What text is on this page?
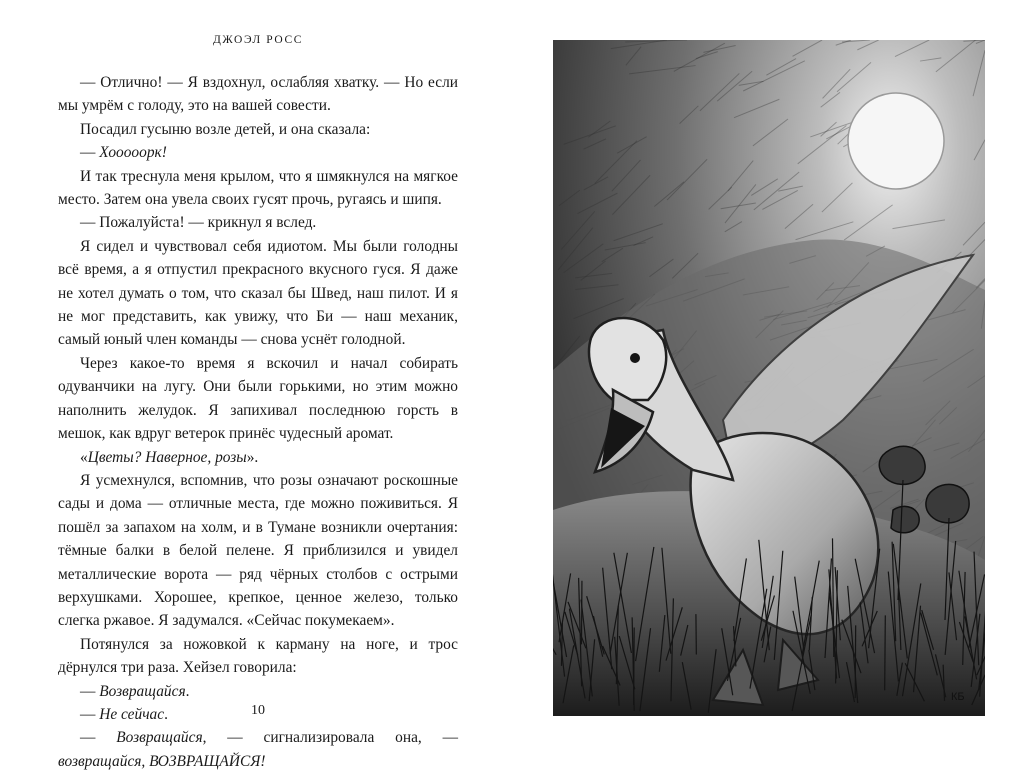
ДЖОЭЛ РОСС

— Отлично! — Я вздохнул, ослабляя хватку. — Но если мы умрём с голоду, это на вашей совести.

Посадил гусыню возле детей, и она сказала:

— Хооооорк!

И так треснула меня крылом, что я шмякнулся на мягкое место. Затем она увела своих гусят прочь, ругаясь и шипя.

— Пожалуйста! — крикнул я вслед.

Я сидел и чувствовал себя идиотом. Мы были голодны всё время, а я отпустил прекрасного вкусного гуся. Я даже не хотел думать о том, что сказал бы Швед, наш пилот. И я не мог представить, как увижу, что Би — наш механик, самый юный член команды — снова уснёт голодной.

Через какое-то время я вскочил и начал собирать одуванчики на лугу. Они были горькими, но этим можно наполнить желудок. Я запихивал последнюю горсть в мешок, как вдруг ветерок принёс чудесный аромат.

«Цветы? Наверное, розы».

Я усмехнулся, вспомнив, что розы означают роскошные сады и дома — отличные места, где можно поживиться. Я пошёл за запахом на холм, и в Тумане возникли очертания: тёмные балки в белой пелене. Я приблизился и увидел металлические ворота — ряд чёрных столбов с острыми верхушками. Хорошее, крепкое, ценное железо, только слегка ржавое. Я задумался. «Сейчас покумекаем».

Потянулся за ножовкой к карману на ноге, и трос дёрнулся три раза. Хейзел говорила:

— Возвращайся.

— Не сейчас.

— Возвращайся, — сигнализировала она, — возвращайся, ВОЗВРАЩАЙСЯ!

10
КБ
